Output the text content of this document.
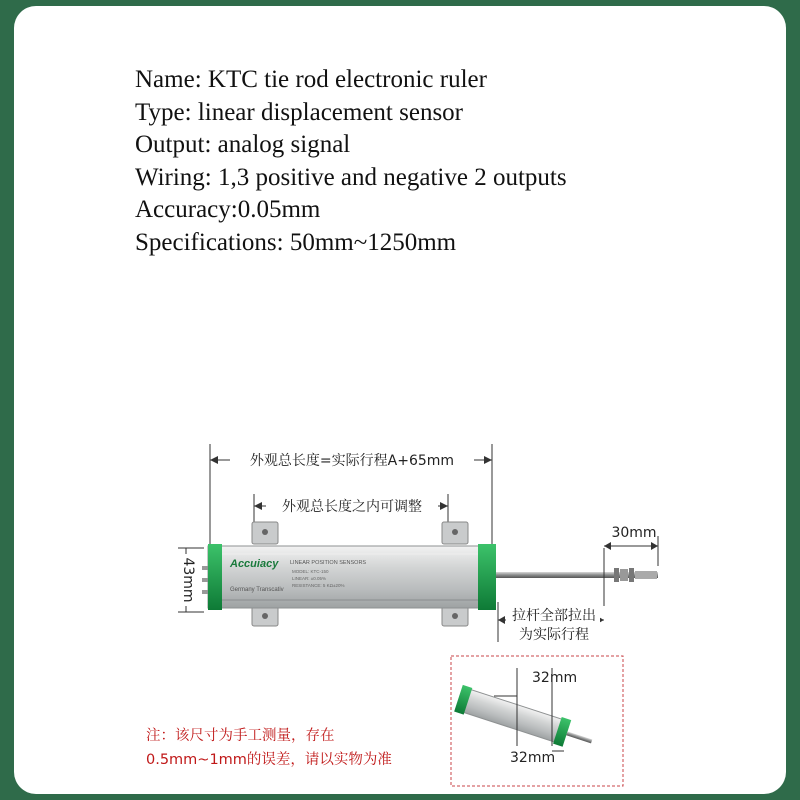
Name: KTC tie rod electronic ruler
Type: linear displacement sensor
Output: analog signal
Wiring: 1,3 positive and negative 2 outputs
Accuracy:0.05mm
Specifications: 50mm~1250mm
外观总长度=实际行程A+65mm
外观总长度之内可调整
43mm	Accuiacy
Germany Transcativ
LINEAR POSITION SENSORS
MODEL: KTC-150
LINEAR: ±0.05%
RESISTANCE: 5 KΩ±20%
30mm
拉杆全部拉出
为实际行程
32mm
32mm

注：该尺寸为手工测量，存在
0.5mm~1mm的误差，请以实物为准
